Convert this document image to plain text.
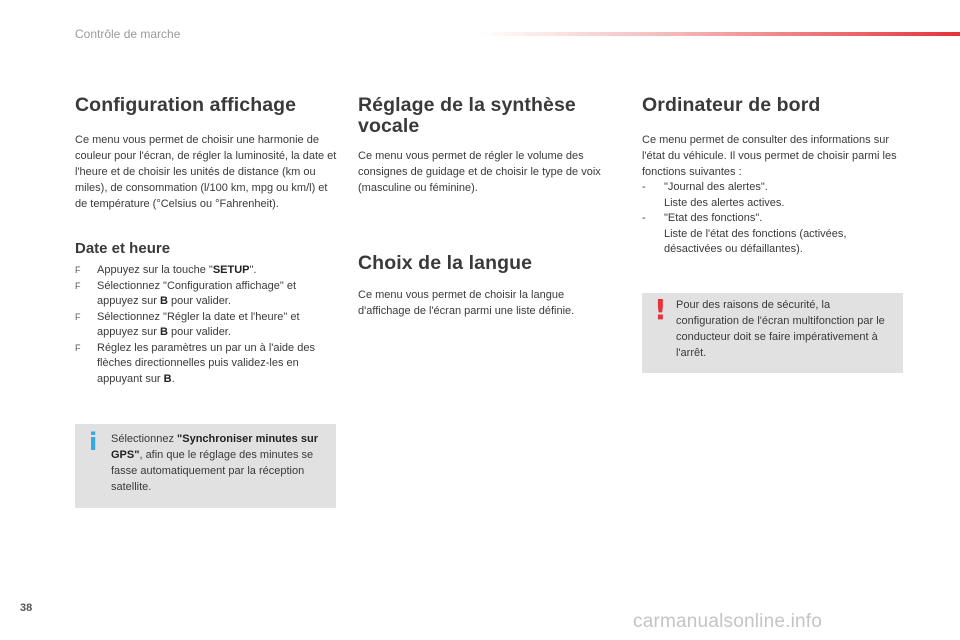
Contrôle de marche
Configuration affichage

Ce menu vous permet de choisir une harmonie de couleur pour l'écran, de régler la luminosité, la date et l'heure et de choisir les unités de distance (km ou miles), de consommation (l/100 km, mpg ou km/l) et de température (°Celsius ou °Fahrenheit).

Date et heure
F Appuyez sur la touche "SETUP".
F Sélectionnez "Configuration affichage" et appuyez sur B pour valider.
F Sélectionnez "Régler la date et l'heure" et appuyez sur B pour valider.
F Réglez les paramètres un par un à l'aide des flèches directionnelles puis validez-les en appuyant sur B.
i Sélectionnez "Synchroniser minutes sur GPS", afin que le réglage des minutes se fasse automatiquement par la réception satellite.
Réglage de la synthèse vocale

Ce menu vous permet de régler le volume des consignes de guidage et de choisir le type de voix (masculine ou féminine).

Choix de la langue

Ce menu vous permet de choisir la langue d'affichage de l'écran parmi une liste définie.

Ordinateur de bord

Ce menu permet de consulter des informations sur l'état du véhicule. Il vous permet de choisir parmi les fonctions suivantes :

- "Journal des alertes".
Liste des alertes actives.
- "Etat des fonctions".
Liste de l'état des fonctions (activées, désactivées ou défaillantes).
! Pour des raisons de sécurité, la configuration de l'écran multifonction par le conducteur doit se faire impérativement à l'arrêt.
38
carmanualsonline.info
